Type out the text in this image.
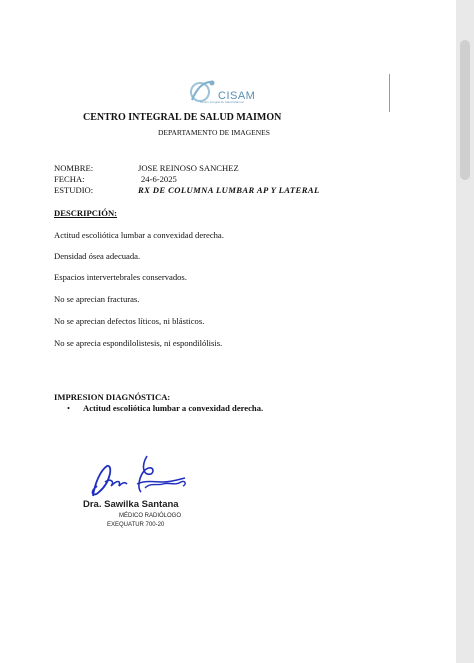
CISAM
Centro Integral de Salud Maimon
CENTRO INTEGRAL DE SALUD MAIMON
DEPARTAMENTO DE IMAGENES
NOMBRE:	JOSE REINOSO SANCHEZ
FECHA:	24-6-2025
ESTUDIO:	RX DE COLUMNA LUMBAR AP Y LATERAL
DESCRIPCIÓN:
Actitud escoliótica lumbar a convexidad derecha.
Densidad ósea adecuada.
Espacios intervertebrales conservados.
No se aprecian fracturas.
No se aprecian defectos líticos, ni blásticos.
No se aprecia espondilolistesis, ni espondilólisis.
IMPRESION DIAGNÓSTICA:
• Actitud escoliótica lumbar a convexidad derecha.
Dra. Sawilka Santana
MÉDICO RADIÓLOGO
EXEQUATUR 700-20
